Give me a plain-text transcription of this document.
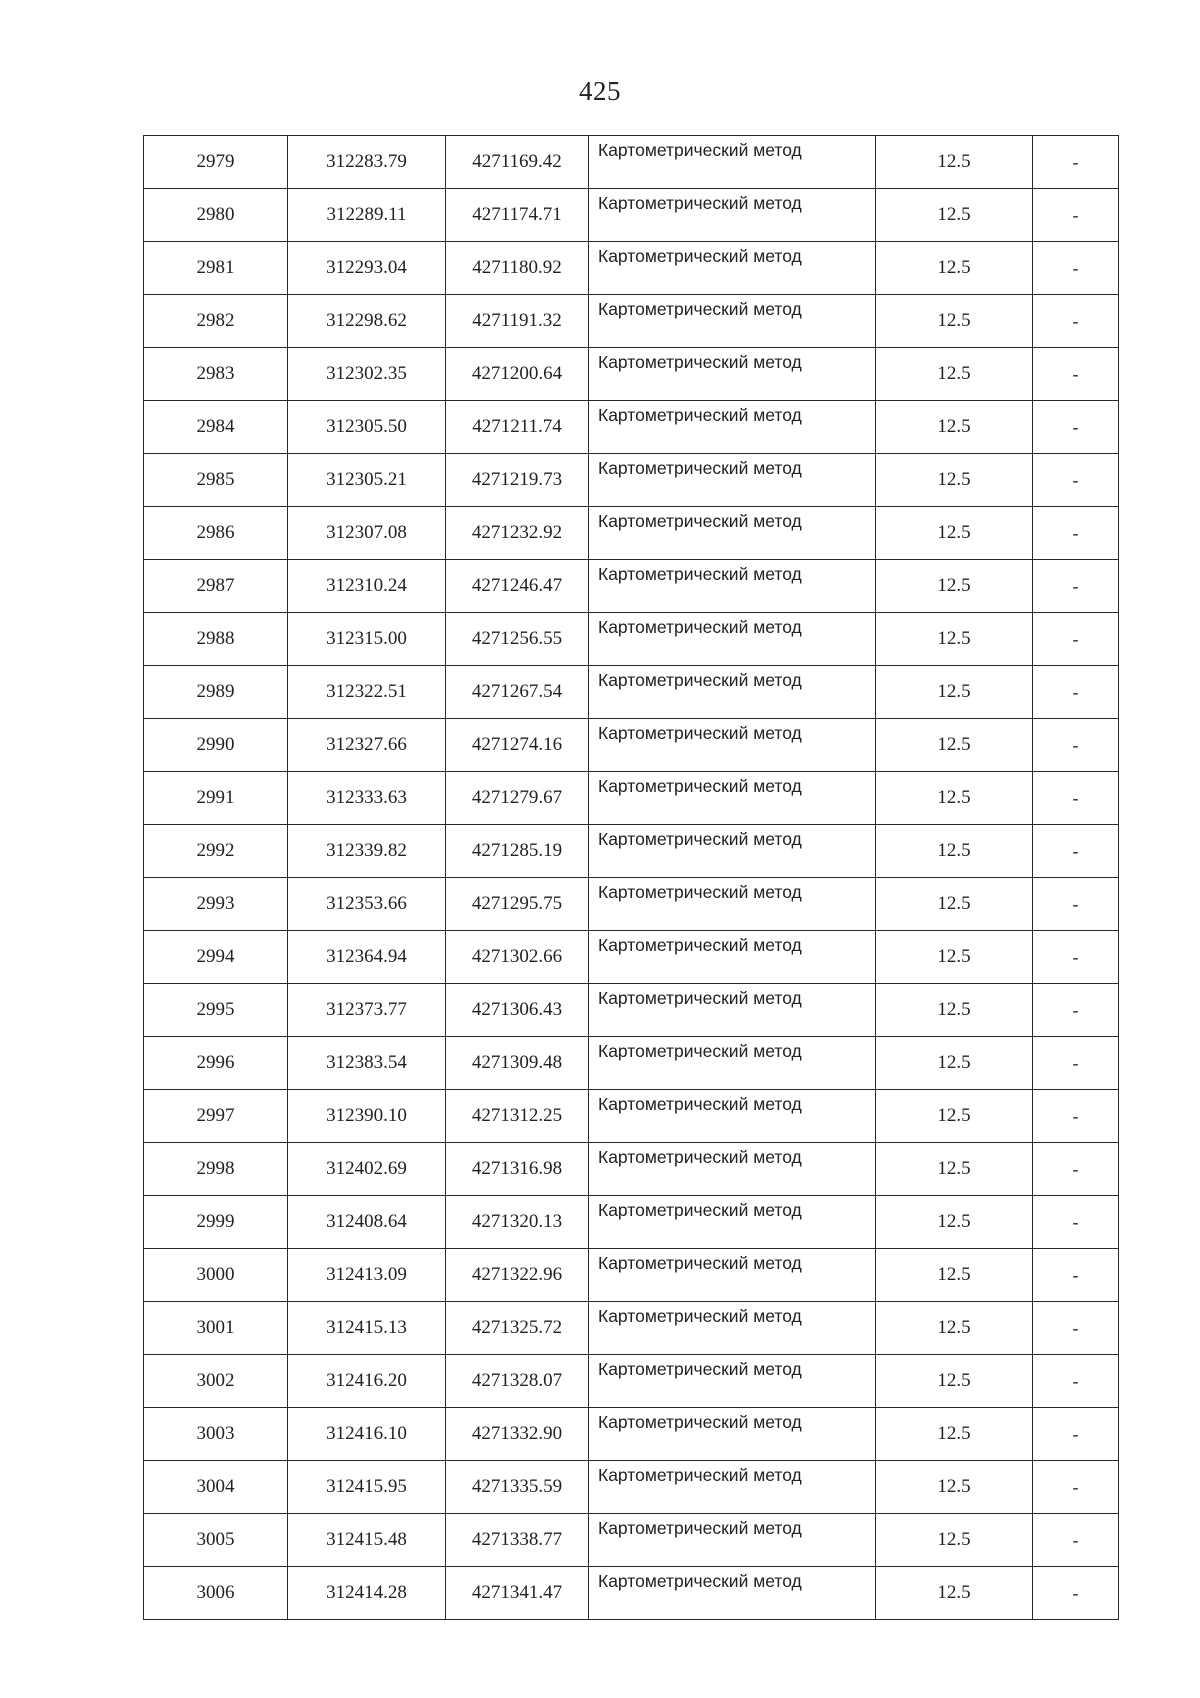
425
2979	312283.79	4271169.42	Картометрический метод	12.5	-
2980	312289.11	4271174.71	Картометрический метод	12.5	-
2981	312293.04	4271180.92	Картометрический метод	12.5	-
2982	312298.62	4271191.32	Картометрический метод	12.5	-
2983	312302.35	4271200.64	Картометрический метод	12.5	-
2984	312305.50	4271211.74	Картометрический метод	12.5	-
2985	312305.21	4271219.73	Картометрический метод	12.5	-
2986	312307.08	4271232.92	Картометрический метод	12.5	-
2987	312310.24	4271246.47	Картометрический метод	12.5	-
2988	312315.00	4271256.55	Картометрический метод	12.5	-
2989	312322.51	4271267.54	Картометрический метод	12.5	-
2990	312327.66	4271274.16	Картометрический метод	12.5	-
2991	312333.63	4271279.67	Картометрический метод	12.5	-
2992	312339.82	4271285.19	Картометрический метод	12.5	-
2993	312353.66	4271295.75	Картометрический метод	12.5	-
2994	312364.94	4271302.66	Картометрический метод	12.5	-
2995	312373.77	4271306.43	Картометрический метод	12.5	-
2996	312383.54	4271309.48	Картометрический метод	12.5	-
2997	312390.10	4271312.25	Картометрический метод	12.5	-
2998	312402.69	4271316.98	Картометрический метод	12.5	-
2999	312408.64	4271320.13	Картометрический метод	12.5	-
3000	312413.09	4271322.96	Картометрический метод	12.5	-
3001	312415.13	4271325.72	Картометрический метод	12.5	-
3002	312416.20	4271328.07	Картометрический метод	12.5	-
3003	312416.10	4271332.90	Картометрический метод	12.5	-
3004	312415.95	4271335.59	Картометрический метод	12.5	-
3005	312415.48	4271338.77	Картометрический метод	12.5	-
3006	312414.28	4271341.47	Картометрический метод	12.5	-
